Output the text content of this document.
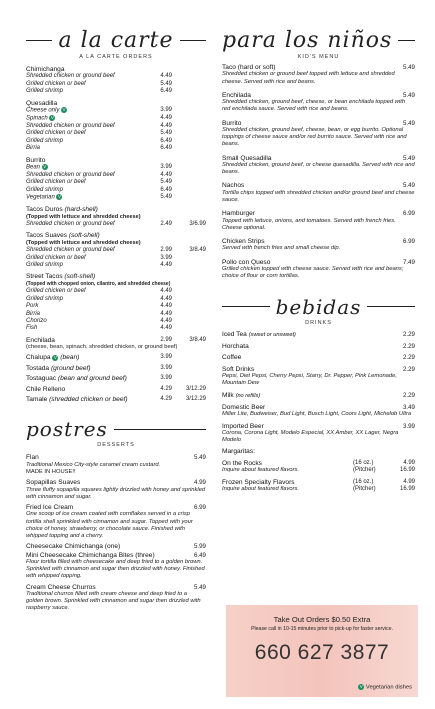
a la carte
A LA CARTE ORDERS
Chimichanga
Shredded chicken or ground beef	4.49
Grilled chicken or beef	5.49
Grilled shrimp	6.49
Quesadilla
Cheese only V	3.99
Spinach V	4.49
Shredded chicken or ground beef	4.49
Grilled chicken or beef	5.49
Grilled shrimp	6.49
Birria	6.49
Burrito
Bean V	3.99
Shredded chicken or ground beef	4.49
Grilled chicken or beef	5.49
Grilled shrimp	6.49
Vegetarian V	5.49
Tacos Duros (hard-shell)
(Topped with lettuce and shredded cheese)
Shredded chicken or ground beef	2.49	3/6.99
Tacos Suaves (soft-shell)
(Topped with lettuce and shredded cheese)
Shredded chicken or ground beef	2.99	3/8.49
Grilled chicken or beef	3.99
Grilled shrimp	4.49
Street Tacos (soft-shell)
(Topped with chopped onion, cilantro, and shredded cheese)
Grilled chicken or beef	4.49
Grilled shrimp	4.49
Pork	4.49
Birria	4.49
Chorizo	4.49
Fish	4.49
Enchilada	2.99	3/8.49
(cheese, bean, spinach, shredded chicken, or ground beef)
Chalupa V (bean)	3.99
Tostada (ground beef)	3.99
Tostaguac (bean and ground beef)	3.99
Chile Relleno	4.29	3/12.29
Tamale (shredded chicken or beef)	4.29	3/12.29
postres
DESSERTS
Flan	5.49
Traditional Mexico City-style caramel cream custard.
MADE IN HOUSE!!
Sopapillas Suaves	4.99
Three fluffy sopapilla squares lightly drizzled with honey and sprinkled with cinnamon and sugar.
Fried Ice Cream	6.99
One scoop of ice cream coated with cornflakes served in a crisp tortilla shell sprinkled with cinnamon and sugar. Topped with your choice of honey, strawberry, or chocolate sauce. Finished with whipped topping and a cherry.
Cheesecake Chimichanga (one)	5.99
Mini Cheesecake Chimichanga Bites (three)	6.49
Flour tortilla filled with cheesecake and deep fried to a golden brown. Sprinkled with cinnamon and sugar then drizzled with honey. Finished with whipped topping.
Cream Cheese Churros	5.49
Traditional churros filled with cream cheese and deep fried to a golden brown. Sprinkled with cinnamon and sugar then drizzled with raspberry sauce.
para los niños
KID'S MENU
Taco (hard or soft)	5.49
Shredded chicken or ground beef topped with lettuce and shredded cheese. Served with rice and beans.
Enchilada	5.49
Shredded chicken, ground beef, cheese, or bean enchilada topped with red enchilada sauce. Served with rice and beans.
Burrito	5.49
Shredded chicken, ground beef, cheese, bean, or egg burrito. Optional toppings of cheese sauce and/or red burrito sauce. Served with rice and beans.
Small Quesadilla	5.49
Shredded chicken, ground beef, or cheese quesadilla. Served with rice and beans.
Nachos	5.49
Tortilla chips topped with shredded chicken and/or ground beef and cheese sauce.
Hamburger	6.99
Topped with lettuce, onions, and tomatoes. Served with french fries. Cheese optional.
Chicken Strips	6.99
Served with french fries and small cheese dip.
Pollo con Queso	7.49
Grilled chicken topped with cheese sauce. Served with rice and beans; choice of flour or corn tortillas.
bebidas
DRINKS
Iced Tea (sweet or unsweet)	2.29
Horchata	2.29
Coffee	2.29
Soft Drinks	2.29
Pepsi, Diet Pepsi, Cherry Pepsi, Starry, Dr. Pepper, Pink Lemonade, Mountain Dew
Milk (no refills)	2.29
Domestic Beer	3.49
Miller Lite, Budweiser, Bud Light, Busch Light, Coors Light, Michelob Ultra
Imported Beer	3.99
Corona, Corona Light, Modelo Especial, XX Amber, XX Lager, Negra Modelo
Margaritas:
On the Rocks	(16 oz.)	4.99
Inquire about featured flavors.	(Pitcher)	16.99
Frozen Specialty Flavors	(16 oz.)	4.99
Inquire about featured flavors.	(Pitcher)	16.99
Take Out Orders $0.50 Extra
Please call in 10-15 minutes prior to pick-up for faster service.
660 627 3877
V Vegetarian dishes
